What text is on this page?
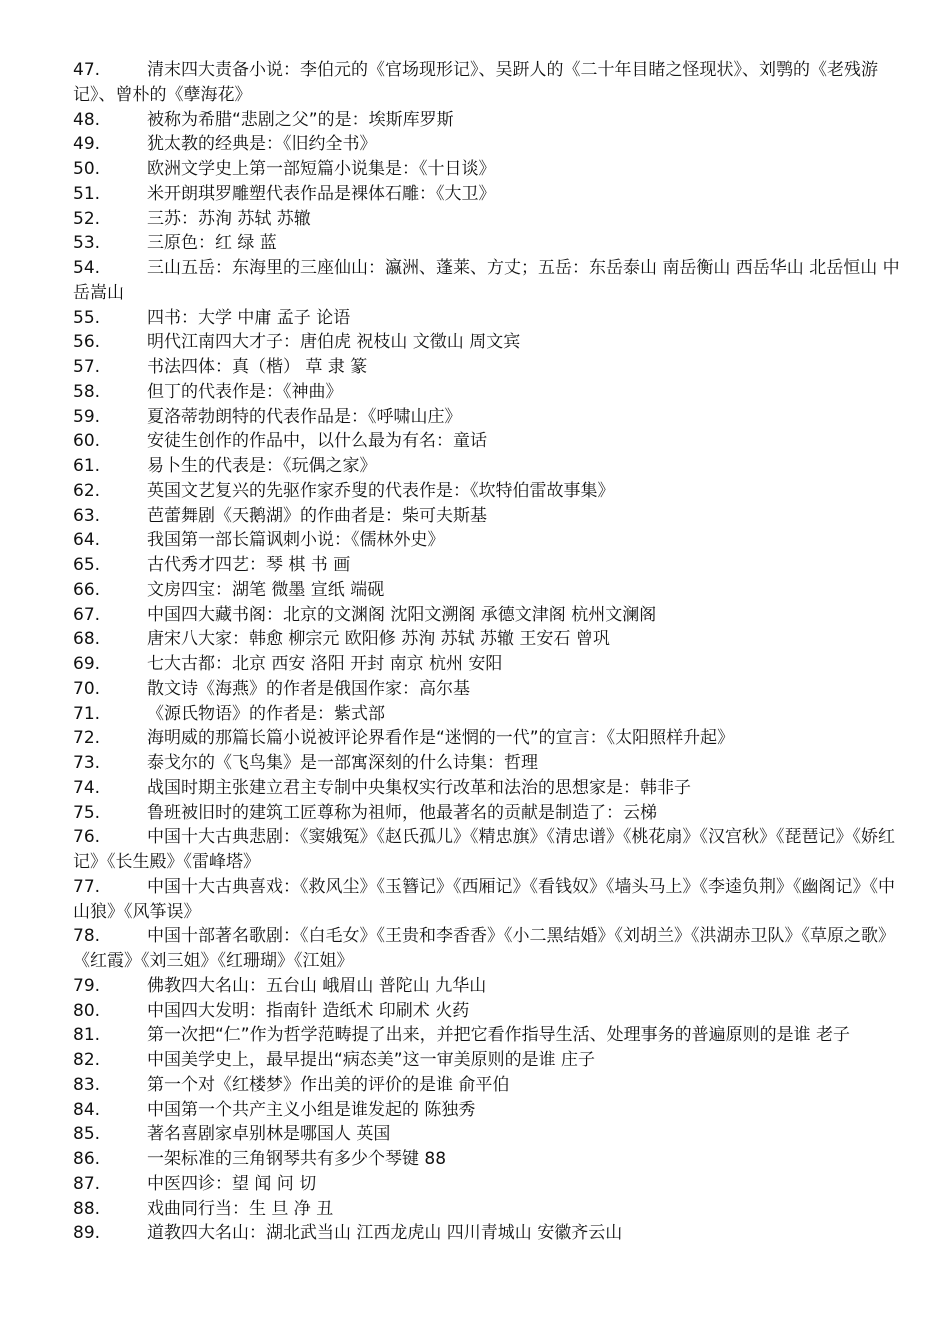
47.	清末四大责备小说：李伯元的《官场现形记》、吴趼人的《二十年目睹之怪现状》、刘鹗的《老残游记》、曾朴的《孽海花》
48.	被称为希腊“悲剧之父”的是：埃斯库罗斯
49.	犹太教的经典是：《旧约全书》
50.	欧洲文学史上第一部短篇小说集是：《十日谈》
51.	米开朗琪罗雕塑代表作品是裸体石雕：《大卫》
52.	三苏：苏洵 苏轼 苏辙
53.	三原色：红 绿 蓝
54.	三山五岳：东海里的三座仙山：瀛洲、蓬莱、方丈；五岳：东岳泰山 南岳衡山 西岳华山 北岳恒山 中岳嵩山
55.	四书：大学 中庸 孟子 论语
56.	明代江南四大才子：唐伯虎 祝枝山 文徵山 周文宾
57.	书法四体：真（楷） 草 隶 篆
58.	但丁的代表作是：《神曲》
59.	夏洛蒂勃朗特的代表作品是：《呼啸山庄》
60.	安徒生创作的作品中，以什么最为有名：童话
61.	易卜生的代表是：《玩偶之家》
62.	英国文艺复兴的先驱作家乔叟的代表作是：《坎特伯雷故事集》
63.	芭蕾舞剧《天鹅湖》的作曲者是：柴可夫斯基
64.	我国第一部长篇讽刺小说：《儒林外史》
65.	古代秀才四艺：琴 棋 书 画
66.	文房四宝：湖笔 微墨 宣纸 端砚
67.	中国四大藏书阁：北京的文渊阁 沈阳文溯阁 承德文津阁 杭州文澜阁
68.	唐宋八大家：韩愈 柳宗元 欧阳修 苏洵 苏轼 苏辙 王安石 曾巩
69.	七大古都：北京 西安 洛阳 开封 南京 杭州 安阳
70.	散文诗《海燕》的作者是俄国作家：高尔基
71.	《源氏物语》的作者是：紫式部
72.	海明威的那篇长篇小说被评论界看作是“迷惘的一代”的宣言：《太阳照样升起》
73.	泰戈尔的《飞鸟集》是一部寓深刻的什么诗集：哲理
74.	战国时期主张建立君主专制中央集权实行改革和法治的思想家是：韩非子
75.	鲁班被旧时的建筑工匠尊称为祖师，他最著名的贡献是制造了：云梯
76.	中国十大古典悲剧：《窦娥冤》《赵氏孤儿》《精忠旗》《清忠谱》《桃花扇》《汉宫秋》《琵琶记》《娇红记》《长生殿》《雷峰塔》
77.	中国十大古典喜戏：《救风尘》《玉簪记》《西厢记》《看钱奴》《墙头马上》《李逵负荆》《幽阁记》《中山狼》《风筝误》
78.	中国十部著名歌剧：《白毛女》《王贵和李香香》《小二黑结婚》《刘胡兰》《洪湖赤卫队》《草原之歌》《红霞》《刘三姐》《红珊瑚》《江姐》
79.	佛教四大名山：五台山 峨眉山 普陀山 九华山
80.	中国四大发明：指南针 造纸术 印刷术 火药
81.	第一次把“仁”作为哲学范畴提了出来，并把它看作指导生活、处理事务的普遍原则的是谁 老子
82.	中国美学史上，最早提出“病态美”这一审美原则的是谁 庄子
83.	第一个对《红楼梦》作出美的评价的是谁 俞平伯
84.	中国第一个共产主义小组是谁发起的 陈独秀
85.	著名喜剧家卓别林是哪国人 英国
86.	一架标准的三角钢琴共有多少个琴键 88
87.	中医四诊：望 闻 问 切
88.	戏曲同行当：生 旦 净 丑
89.	道教四大名山：湖北武当山 江西龙虎山 四川青城山 安徽齐云山
